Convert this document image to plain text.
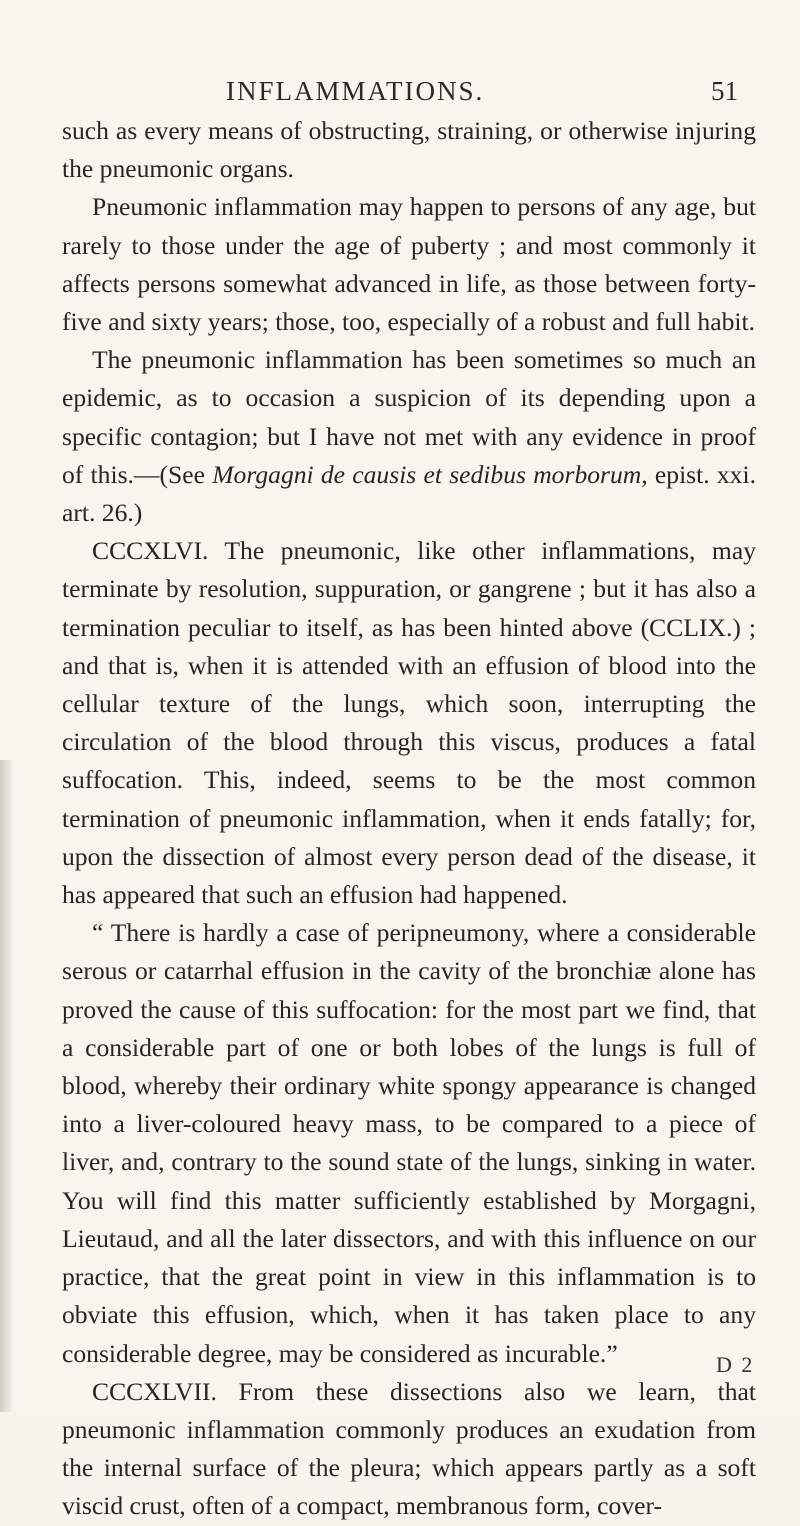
INFLAMMATIONS.	51

such as every means of obstructing, straining, or otherwise injuring the pneumonic organs.

Pneumonic inflammation may happen to persons of any age, but rarely to those under the age of puberty ; and most commonly it affects persons somewhat advanced in life, as those between forty-five and sixty years; those, too, especially of a robust and full habit.

The pneumonic inflammation has been sometimes so much an epidemic, as to occasion a suspicion of its depending upon a specific contagion; but I have not met with any evidence in proof of this.—(See Morgagni de causis et sedibus morborum, epist. xxi. art. 26.)

CCCXLVI. The pneumonic, like other inflammations, may terminate by resolution, suppuration, or gangrene ; but it has also a termination peculiar to itself, as has been hinted above (CCLIX.) ; and that is, when it is attended with an effusion of blood into the cellular texture of the lungs, which soon, interrupting the circulation of the blood through this viscus, produces a fatal suffocation. This, indeed, seems to be the most common termination of pneumonic inflammation, when it ends fatally; for, upon the dissection of almost every person dead of the disease, it has appeared that such an effusion had happened.

“ There is hardly a case of peripneumony, where a considerable serous or catarrhal effusion in the cavity of the bronchiæ alone has proved the cause of this suffocation: for the most part we find, that a considerable part of one or both lobes of the lungs is full of blood, whereby their ordinary white spongy appearance is changed into a liver-coloured heavy mass, to be compared to a piece of liver, and, contrary to the sound state of the lungs, sinking in water. You will find this matter sufficiently established by Morgagni, Lieutaud, and all the later dissectors, and with this influence on our practice, that the great point in view in this inflammation is to obviate this effusion, which, when it has taken place to any considerable degree, may be considered as incurable.”

CCCXLVII. From these dissections also we learn, that pneumonic inflammation commonly produces an exudation from the internal surface of the pleura; which appears partly as a soft viscid crust, often of a compact, membranous form, cover-

D 2
